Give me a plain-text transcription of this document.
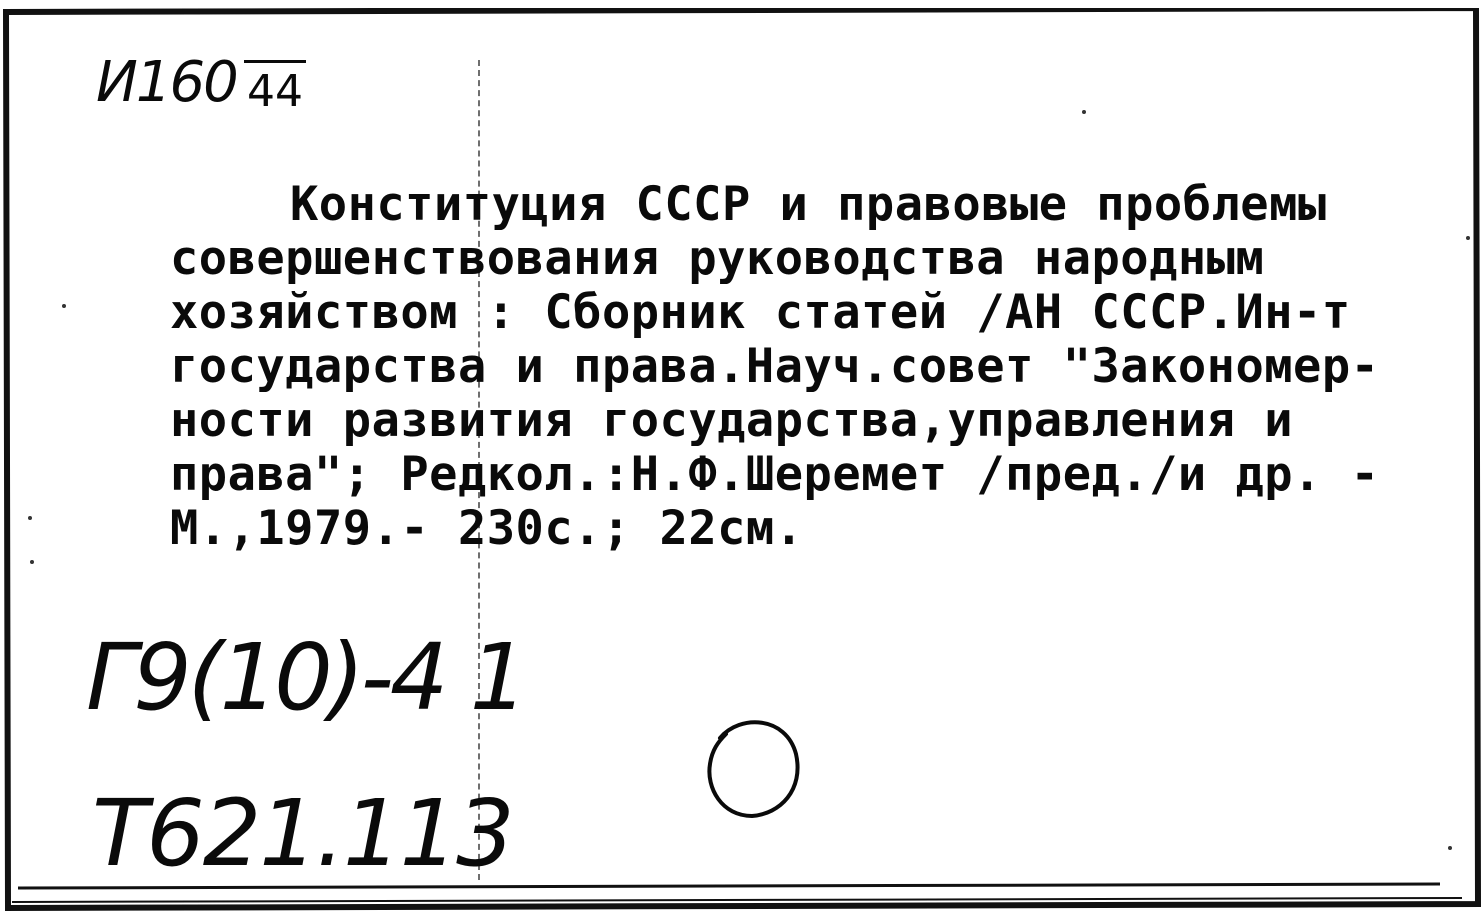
И160 44
Конституция СССР и правовые проблемы
совершенствования руководства народным
хозяйством : Сборник статей /АН СССР.Ин-т
государства и права.Науч.совет "Закономер-
ности развития государства,управления и
права"; Редкол.:Н.Ф.Шеремет /пред./и др. -
М.,1979.- 230с.; 22см.
Г9(10)-4 1
Т621.113
